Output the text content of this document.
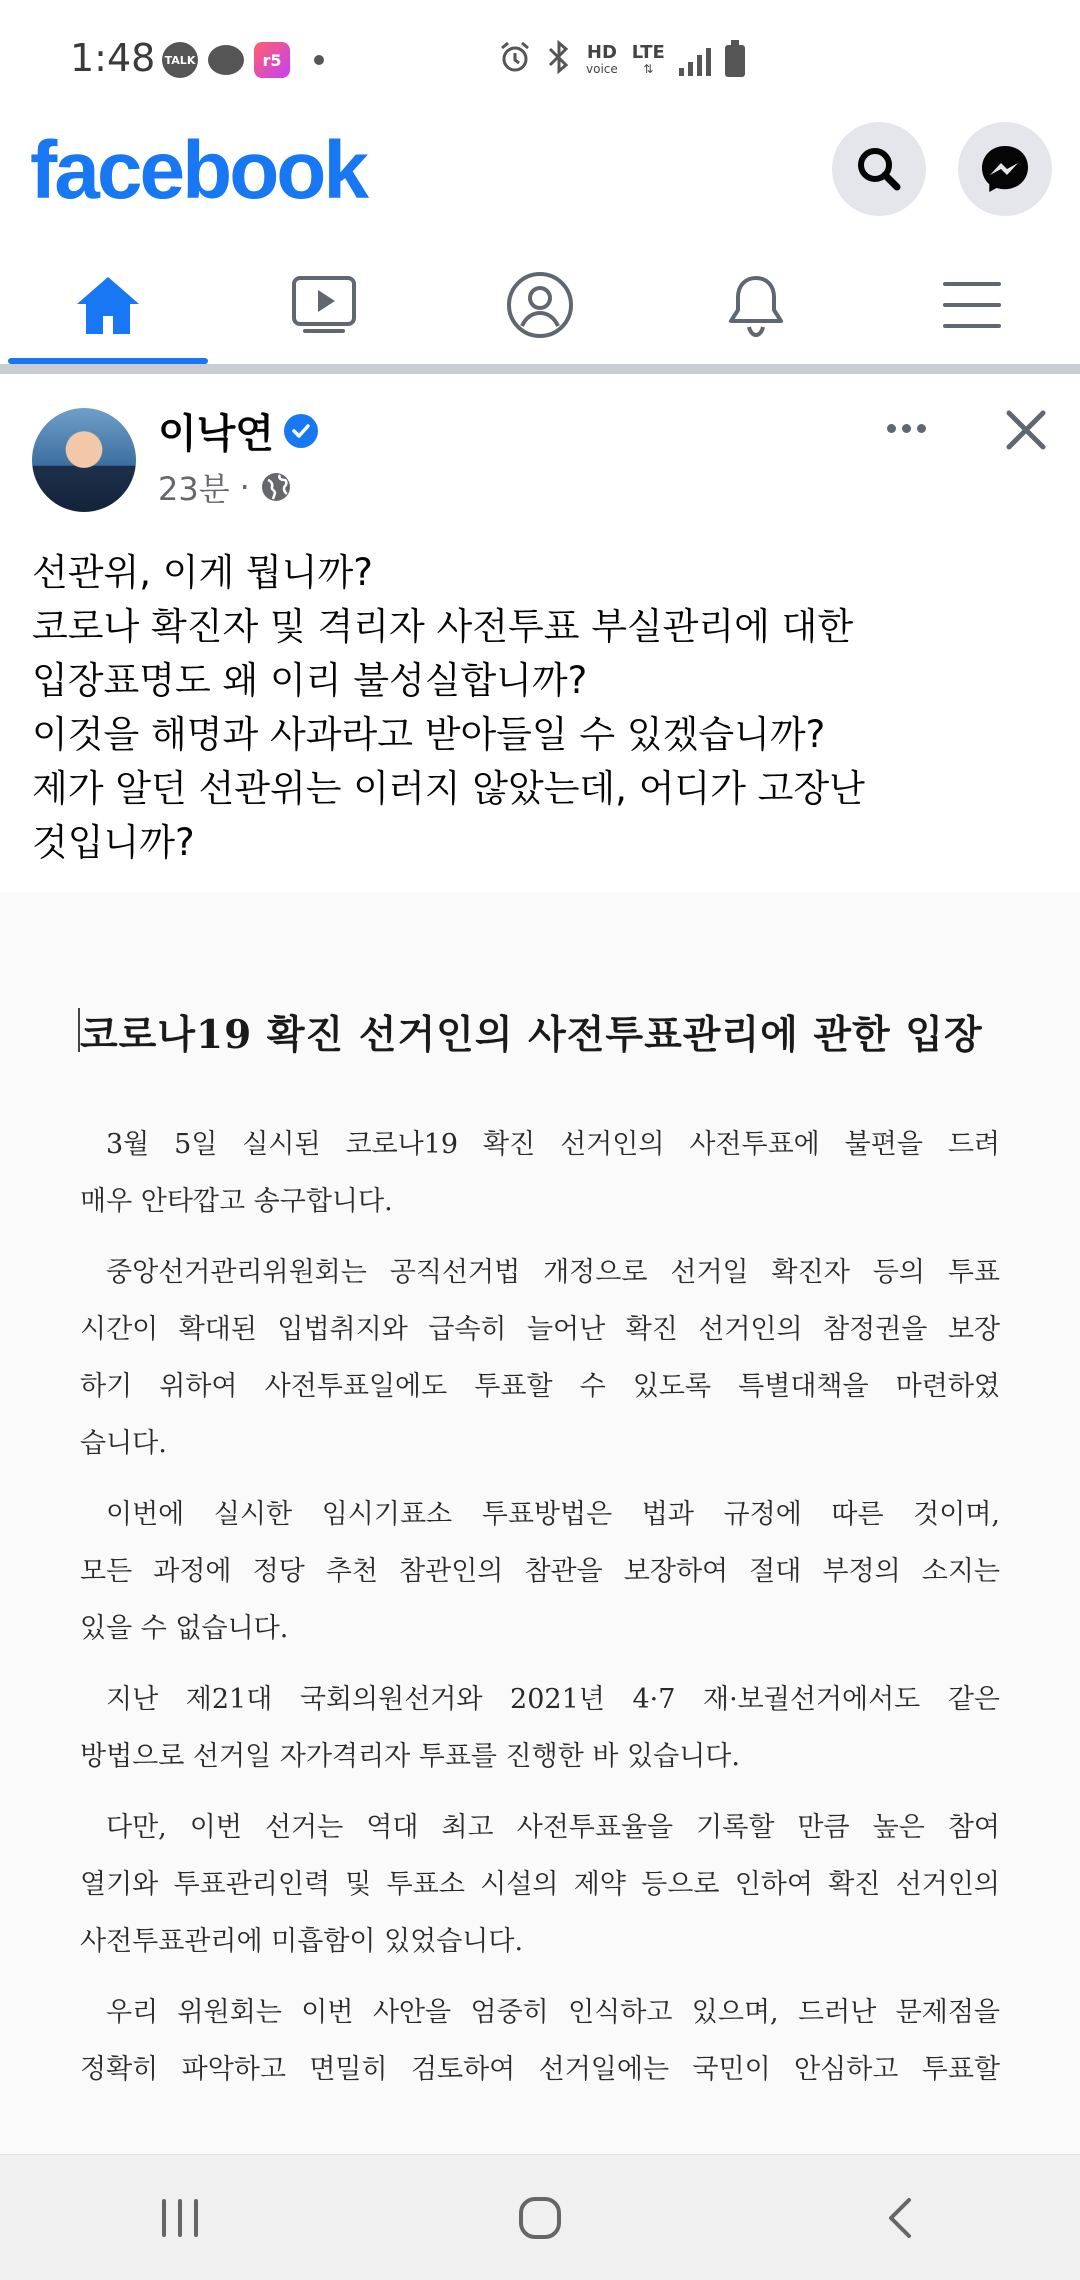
1:48 TALK	r5	HD
voice
LTE
⇅
facebook
이낙연
23분 ·
선관위, 이게 뭡니까?
코로나 확진자 및 격리자 사전투표 부실관리에 대한
입장표명도 왜 이리 불성실합니까?
이것을 해명과 사과라고 받아들일 수 있겠습니까?
제가 알던 선관위는 이러지 않았는데, 어디가 고장난
것입니까?
코로나19 확진 선거인의 사전투표관리에 관한 입장
3월 5일 실시된 코로나19 확진 선거인의 사전투표에 불편을 드려
매우 안타깝고 송구합니다.
중앙선거관리위원회는 공직선거법 개정으로 선거일 확진자 등의 투표
시간이 확대된 입법취지와 급속히 늘어난 확진 선거인의 참정권을 보장
하기 위하여 사전투표일에도 투표할 수 있도록 특별대책을 마련하였
습니다.
이번에 실시한 임시기표소 투표방법은 법과 규정에 따른 것이며,
모든 과정에 정당 추천 참관인의 참관을 보장하여 절대 부정의 소지는
있을 수 없습니다.
지난 제21대 국회의원선거와 2021년 4·7 재·보궐선거에서도 같은
방법으로 선거일 자가격리자 투표를 진행한 바 있습니다.
다만, 이번 선거는 역대 최고 사전투표율을 기록할 만큼 높은 참여
열기와 투표관리인력 및 투표소 시설의 제약 등으로 인하여 확진 선거인의
사전투표관리에 미흡함이 있었습니다.
우리 위원회는 이번 사안을 엄중히 인식하고 있으며, 드러난 문제점을
정확히 파악하고 면밀히 검토하여 선거일에는 국민이 안심하고 투표할
